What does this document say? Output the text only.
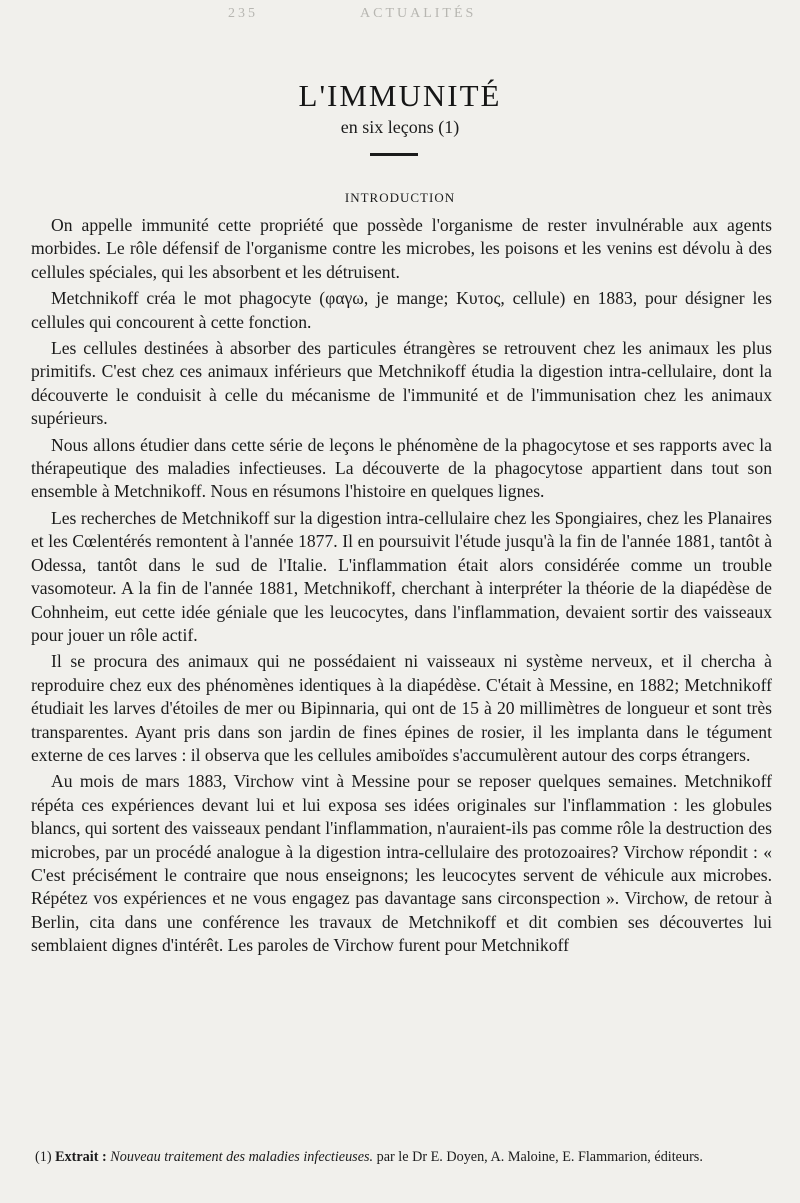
235	ACTUALITÉS
L'IMMUNITÉ
en six leçons (1)
INTRODUCTION

On appelle immunité cette propriété que possède l'organisme de rester invulnérable aux agents morbides. Le rôle défensif de l'organisme contre les microbes, les poisons et les venins est dévolu à des cellules spéciales, qui les absorbent et les détruisent.

Metchnikoff créa le mot phagocyte (φαγω, je mange; Κυτος, cellule) en 1883, pour désigner les cellules qui concourent à cette fonction.

Les cellules destinées à absorber des particules étrangères se retrouvent chez les animaux les plus primitifs. C'est chez ces animaux inférieurs que Metchnikoff étudia la digestion intra-cellulaire, dont la découverte le conduisit à celle du mécanisme de l'immunité et de l'immunisation chez les animaux supérieurs.

Nous allons étudier dans cette série de leçons le phénomène de la phagocytose et ses rapports avec la thérapeutique des maladies infectieuses. La découverte de la phagocytose appartient dans tout son ensemble à Metchnikoff. Nous en résumons l'histoire en quelques lignes.

Les recherches de Metchnikoff sur la digestion intra-cellulaire chez les Spongiaires, chez les Planaires et les Cœlentérés remontent à l'année 1877. Il en poursuivit l'étude jusqu'à la fin de l'année 1881, tantôt à Odessa, tantôt dans le sud de l'Italie. L'inflammation était alors considérée comme un trouble vasomoteur. A la fin de l'année 1881, Metchnikoff, cherchant à interpréter la théorie de la diapédèse de Cohnheim, eut cette idée géniale que les leucocytes, dans l'inflammation, devaient sortir des vaisseaux pour jouer un rôle actif.

Il se procura des animaux qui ne possédaient ni vaisseaux ni système nerveux, et il chercha à reproduire chez eux des phénomènes identiques à la diapédèse. C'était à Messine, en 1882; Metchnikoff étudiait les larves d'étoiles de mer ou Bipinnaria, qui ont de 15 à 20 millimètres de longueur et sont très transparentes. Ayant pris dans son jardin de fines épines de rosier, il les implanta dans le tégument externe de ces larves : il observa que les cellules amiboïdes s'accumulèrent autour des corps étrangers.

Au mois de mars 1883, Virchow vint à Messine pour se reposer quelques semaines. Metchnikoff répéta ces expériences devant lui et lui exposa ses idées originales sur l'inflammation : les globules blancs, qui sortent des vaisseaux pendant l'inflammation, n'auraient-ils pas comme rôle la destruction des microbes, par un procédé analogue à la digestion intra-cellulaire des protozoaires? Virchow répondit : « C'est précisément le contraire que nous enseignons; les leucocytes servent de véhicule aux microbes. Répétez vos expériences et ne vous engagez pas davantage sans circonspection ». Virchow, de retour à Berlin, cita dans une conférence les travaux de Metchnikoff et dit combien ses découvertes lui semblaient dignes d'intérêt. Les paroles de Virchow furent pour Metchnikoff

(1) Extrait : Nouveau traitement des maladies infectieuses. par le Dr E. Doyen, A. Maloine, E. Flammarion, éditeurs.
